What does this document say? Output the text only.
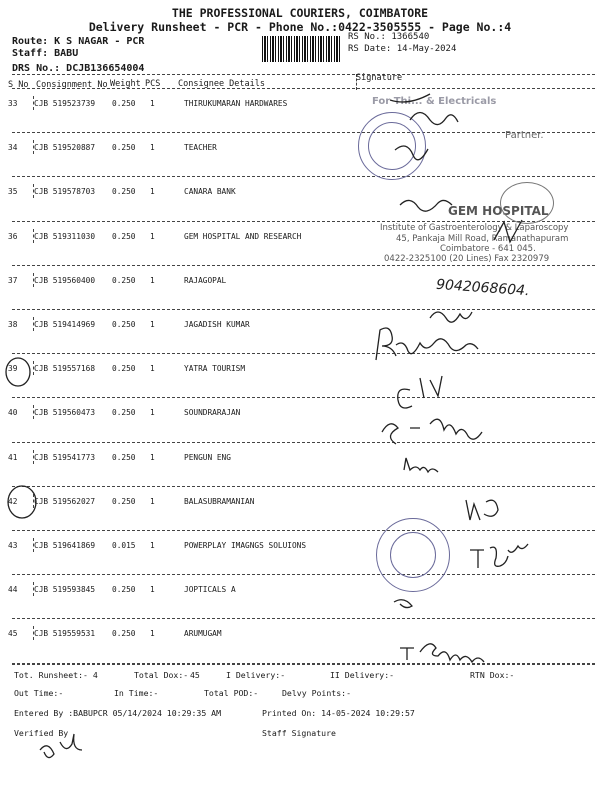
THE PROFESSIONAL COURIERS, COIMBATORE
Delivery Runsheet - PCR - Phone No.:0422-3505555 - Page No.:4
Route: K S NAGAR - PCR
Staff: BABU
DRS No.: DCJB136654004
RS No.: 1366540
RS Date: 14-May-2024
S No Consignment No Weight PCS Consignee Details
Signature
33 CJB 519523739 0.250 1	THIRUKUMARAN HARDWARES
34 CJB 519520887 0.250 1	TEACHER
35 CJB 519578703 0.250 1	CANARA BANK
36 CJB 519311030 0.250 1	GEM HOSPITAL AND RESEARCH
37 CJB 519560400 0.250 1	RAJAGOPAL
38 CJB 519414969 0.250 1	JAGADISH KUMAR
39 CJB 519557168 0.250 1	YATRA TOURISM
40 CJB 519560473 0.250 1	SOUNDRARAJAN
41 CJB 519541773 0.250 1	PENGUN ENG
42 CJB 519562027 0.250 1	BALASUBRAMANIAN
43 CJB 519641869 0.015 1	POWERPLAY IMAGNGS SOLUIONS
44 CJB 519593845 0.250 1	JOPTICALS A
45 CJB 519559531 0.250 1	ARUMUGAM
For Thi... & Electricals
Partner.
GEM HOSPITAL
Institute of Gastroenterology & Laparoscopy
45, Pankaja Mill Road, Ramanathapuram
Coimbatore - 641 045.
0422-2325100 (20 Lines) Fax 2320979
9042068604.
Tot. Runsheet:- 4	Total Dox:- 45	I Delivery:-	II Delivery:-	RTN Dox:-
Out Time:-	In Time:-	Total POD:-	Delvy Points:-
Entered By :BABUPCR 05/14/2024 10:29:35 AM	Printed On: 14-05-2024 10:29:57
Verified By	Staff Signature
